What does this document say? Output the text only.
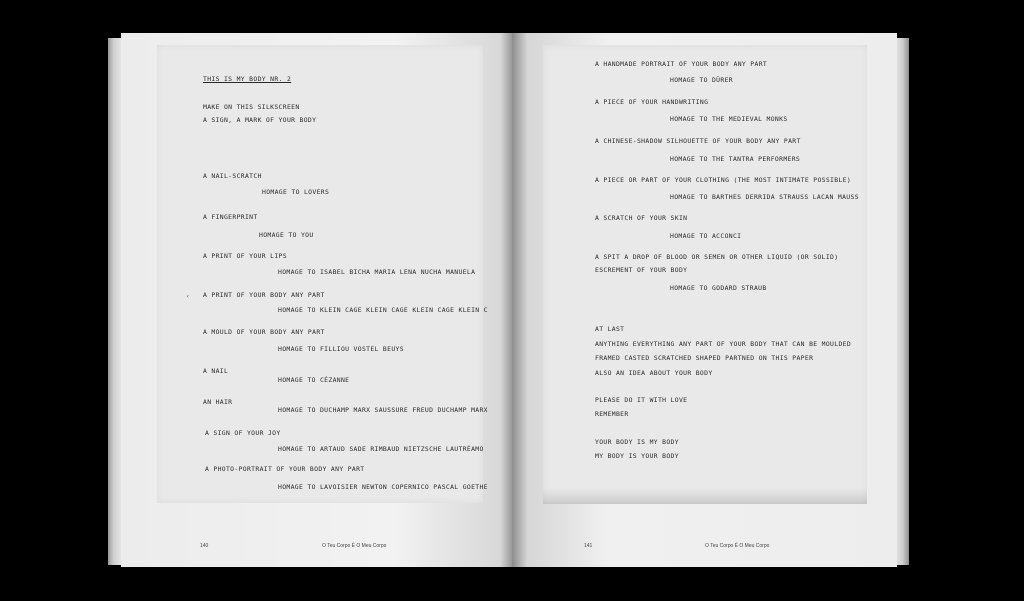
THIS IS MY BODY NR. 2
MAKE ON THIS SILKSCREEN
A SIGN, A MARK OF YOUR BODY
A NAIL-SCRATCH
HOMAGE TO LOVERS
A FINGERPRINT
HOMAGE TO YOU
A PRINT OF YOUR LIPS
HOMAGE TO ISABEL BICHA MARIA LENA NUCHA MANUELA
‹ A PRINT OF YOUR BODY ANY PART
HOMAGE TO KLEIN CAGE KLEIN CAGE KLEIN CAGE KLEIN C
A MOULD OF YOUR BODY ANY PART
HOMAGE TO FILLIOU VOSTEL BEUYS
A NAIL
HOMAGE TO CÉZANNE
AN HAIR
HOMAGE TO DUCHAMP MARX SAUSSURE FREUD DUCHAMP MARX
A SIGN OF YOUR JOY
HOMAGE TO ARTAUD SADE RIMBAUD NIETZSCHE LAUTRÉAMO
A PHOTO-PORTRAIT OF YOUR BODY ANY PART
HOMAGE TO LAVOISIER NEWTON COPERNICO PASCAL GOETHE
140	O Teu Corpo É O Meu Corpo
A HANDMADE PORTRAIT OF YOUR BODY ANY PART
HOMAGE TO DÜRER
A PIECE OF YOUR HANDWRITING
HOMAGE TO THE MEDIEVAL MONKS
A CHINESE-SHADOW SILHOUETTE OF YOUR BODY ANY PART
HOMAGE TO THE TANTRA PERFORMERS
A PIECE OR PART OF YOUR CLOTHING (THE MOST INTIMATE POSSIBLE)
HOMAGE TO BARTHES DERRIDA STRAUSS LACAN MAUSS
A SCRATCH OF YOUR SKIN
HOMAGE TO ACCONCI
A SPIT A DROP OF BLOOD OR SEMEN OR OTHER LIQUID (OR SOLID)
ESCREMENT OF YOUR BODY
HOMAGE TO GODARD STRAUB
AT LAST
ANYTHING EVERYTHING ANY PART OF YOUR BODY THAT CAN BE MOULDED
FRAMED CASTED SCRATCHED SHAPED PARTNED ON THIS PAPER
ALSO AN IDEA ABOUT YOUR BODY
PLEASE DO IT WITH LOVE
REMEMBER
YOUR BODY IS MY BODY
MY BODY IS YOUR BODY
141	O Teu Corpo É O Meu Corpo
